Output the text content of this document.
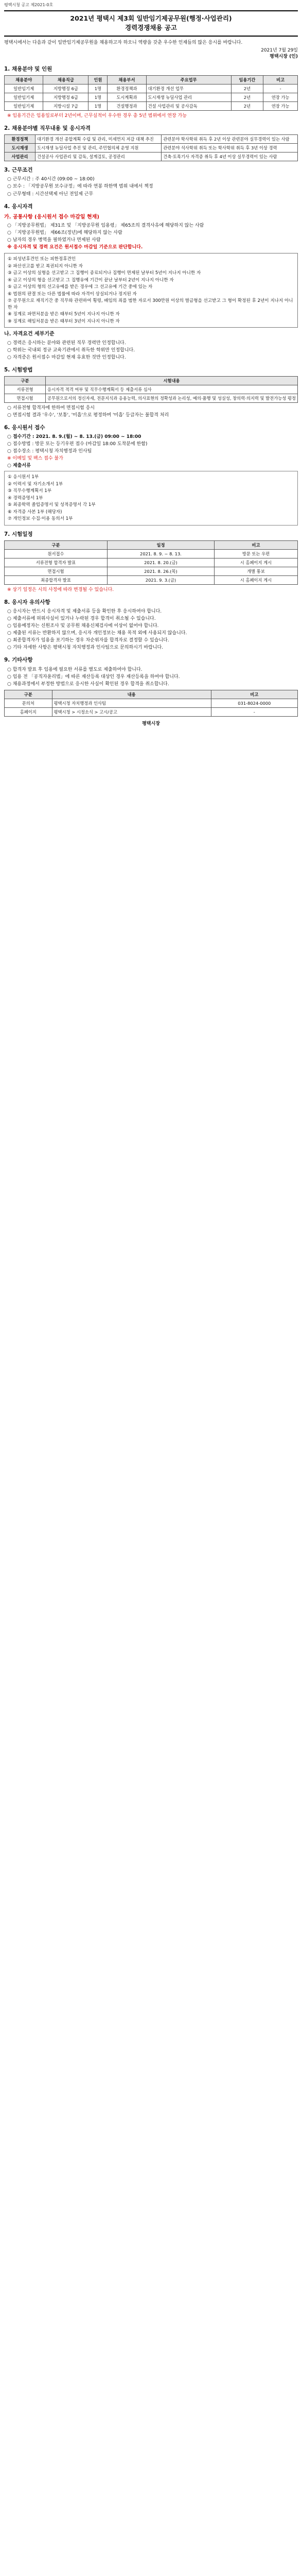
평택시청 공고 제2021-0호
2021년 평택시 제3회 일반임기제공무원(행정·사업관리)
경력경쟁채용 공고

평택시에서는 다음과 같이 일반임기제공무원을 채용하고자 하오니 역량을 갖춘 우수한 인재들의 많은 응시를 바랍니다.

2021년 7월 29일
평택시장 (인)
1. 채용분야 및 인원
채용분야	채용직급	인원	채용부서	주요업무	임용기간	비고
일반임기제	지방행정 6급	1명	환경정책과	대기환경 개선 업무	2년	-
일반임기제	지방행정 6급	1명	도시계획과	도시재생 뉴딜사업 관리	2년	연장 가능
일반임기제	지방시설 7급	1명	건설행정과	건설 사업관리 및 공사감독	2년	연장 가능

※ 임용기간은 임용일로부터 2년이며, 근무실적이 우수한 경우 총 5년 범위에서 연장 가능

2. 채용분야별 직무내용 및 응시자격
환경정책	대기환경 개선 종합계획 수립 및 관리, 미세먼지 저감 대책 추진	관련분야 학사학위 취득 후 2년 이상 관련분야 실무경력이 있는 사람
도시재생	도시재생 뉴딜사업 추진 및 관리, 주민협의체 운영 지원	관련분야 석사학위 취득 또는 학사학위 취득 후 3년 이상 경력
사업관리	건설공사 사업관리 및 감독, 설계검토, 공정관리	건축·토목기사 자격증 취득 후 4년 이상 실무경력이 있는 사람
3. 근무조건

○ 근무시간 : 주 40시간 (09:00 ~ 18:00)

○ 보수 : 「지방공무원 보수규정」에 따라 연봉 하한액 범위 내에서 책정

○ 근무형태 : 시간선택제 아닌 전일제 근무

4. 응시자격
가. 공통사항 (응시원서 접수 마감일 현재)

○ 「지방공무원법」 제31조 및 「지방공무원 임용령」 제65조의 결격사유에 해당하지 않는 사람

○ 「지방공무원법」 제66조(정년)에 해당하지 않는 사람

○ 남자의 경우 병역을 필하였거나 면제된 사람

※ 응시자격 및 경력 요건은 원서접수 마감일 기준으로 판단합니다.

① 피성년후견인 또는 피한정후견인

② 파산선고를 받고 복권되지 아니한 자

③ 금고 이상의 실형을 선고받고 그 집행이 종료되거나 집행이 면제된 날부터 5년이 지나지 아니한 자

④ 금고 이상의 형을 선고받고 그 집행유예 기간이 끝난 날부터 2년이 지나지 아니한 자

⑤ 금고 이상의 형의 선고유예를 받은 경우에 그 선고유예 기간 중에 있는 자

⑥ 법원의 판결 또는 다른 법률에 따라 자격이 상실되거나 정지된 자

⑦ 공무원으로 재직기간 중 직무와 관련하여 횡령, 배임의 죄를 범한 자로서 300만원 이상의 벌금형을 선고받고 그 형이 확정된 후 2년이 지나지 아니한 자

⑧ 징계로 파면처분을 받은 때부터 5년이 지나지 아니한 자

⑨ 징계로 해임처분을 받은 때부터 3년이 지나지 아니한 자

나. 자격요건 세부기준

○ 경력은 응시하는 분야와 관련된 직무 경력만 인정합니다.

○ 학위는 국내외 정규 교육기관에서 취득한 학위만 인정합니다.

○ 자격증은 원서접수 마감일 현재 유효한 것만 인정합니다.

5. 시험방법
구분	시험내용
서류전형	응시자격 적격 여부 및 직무수행계획서 등 제출서류 심사
면접시험	공무원으로서의 정신자세, 전문지식과 응용능력, 의사표현의 정확성과 논리성, 예의·품행 및 성실성, 창의력·의지력 및 발전가능성 평정

○ 서류전형 합격자에 한하여 면접시험 응시

○ 면접시험 결과 '우수', '보통', '미흡'으로 평정하며 '미흡' 등급자는 불합격 처리

6. 응시원서 접수

○ 접수기간 : 2021. 8. 9.(월) ~ 8. 13.(금) 09:00 ~ 18:00

○ 접수방법 : 방문 또는 등기우편 접수 (마감일 18:00 도착분에 한함)

○ 접수장소 : 평택시청 자치행정과 인사팀

※ 이메일 및 팩스 접수 불가

○ 제출서류

① 응시원서 1부

② 이력서 및 자기소개서 1부

③ 직무수행계획서 1부

④ 경력증명서 1부

⑤ 최종학력 졸업증명서 및 성적증명서 각 1부

⑥ 자격증 사본 1부 (해당자)

⑦ 개인정보 수집·이용 동의서 1부

7. 시험일정
구분	일정	비고
원서접수	2021. 8. 9. ~ 8. 13.	방문 또는 우편
서류전형 합격자 발표	2021. 8. 20.(금)	시 홈페이지 게시
면접시험	2021. 8. 26.(목)	개별 통보
최종합격자 발표	2021. 9. 3.(금)	시 홈페이지 게시

※ 상기 일정은 시의 사정에 따라 변경될 수 있습니다.

8. 응시자 유의사항

○ 응시자는 반드시 응시자격 및 제출서류 등을 확인한 후 응시하여야 합니다.

○ 제출서류에 허위사실이 있거나 누락된 경우 합격이 취소될 수 있습니다.

○ 임용예정자는 신원조사 및 공무원 채용신체검사에 이상이 없어야 합니다.

○ 제출된 서류는 반환하지 않으며, 응시자 개인정보는 채용 목적 외에 사용되지 않습니다.

○ 최종합격자가 임용을 포기하는 경우 차순위자를 합격자로 결정할 수 있습니다.

○ 기타 자세한 사항은 평택시청 자치행정과 인사팀으로 문의하시기 바랍니다.

9. 기타사항

○ 합격자 발표 후 임용에 필요한 서류를 별도로 제출하여야 합니다.

○ 임용 전 「공직자윤리법」에 따른 재산등록 대상인 경우 재산등록을 하여야 합니다.

○ 채용과정에서 부정한 방법으로 응시한 사실이 확인된 경우 합격을 취소합니다.

구분	내용	비고
문의처	평택시청 자치행정과 인사팀	031-8024-0000
홈페이지	평택시청 > 시정소식 > 고시/공고	-
평택시장
